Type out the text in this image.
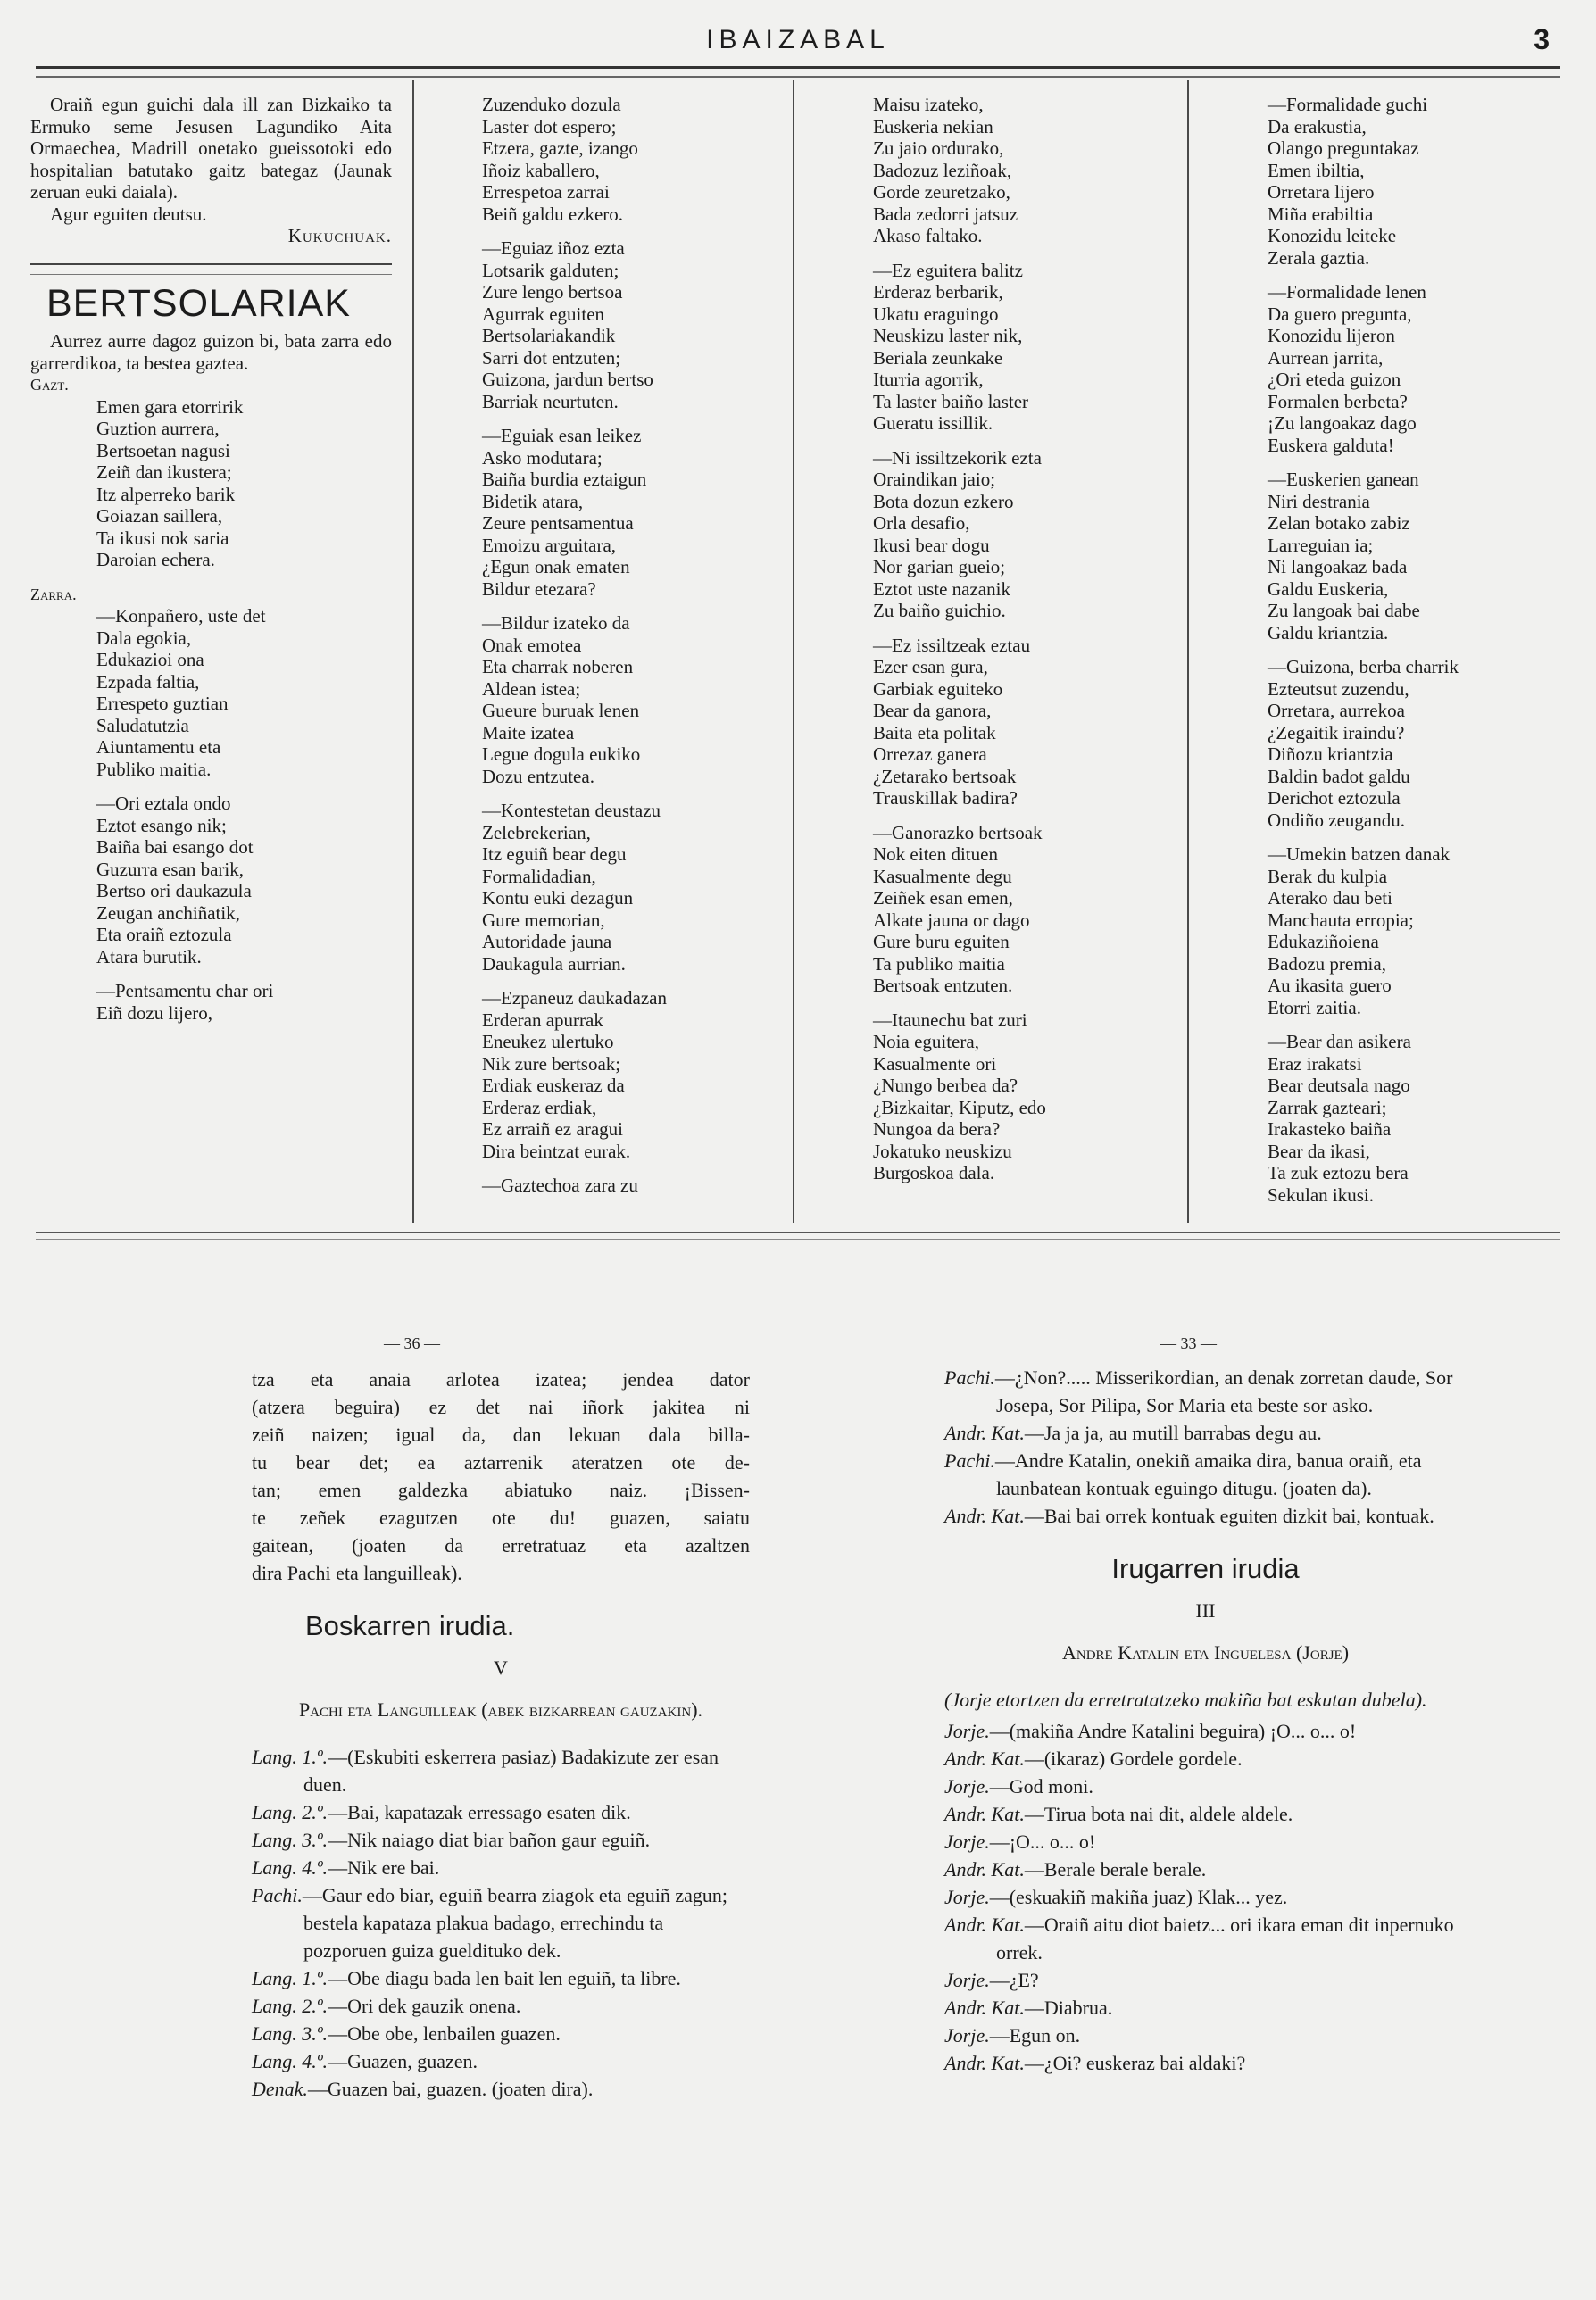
IBAIZABAL	3

Oraiñ egun guichi dala ill zan Bizkaiko ta Ermuko seme Jesusen Lagundiko Aita Ormaechea, Madrill onetako gueissotoki edo hospitalian batutako gaitz bategaz (Jaunak zeruan euki daiala).

Agur eguiten deutsu.

Kukuchuak.

BERTSOLARIAK

Aurrez aurre dagoz guizon bi, bata zarra edo garrerdikoa, ta bestea gaztea.

Gazt.

Emen gara etorririk
Guztion aurrera,
Bertsoetan nagusi
Zeiñ dan ikustera;
Itz alperreko barik
Goiazan saillera,
Ta ikusi nok saria
Daroian echera.

Zarra.

—Konpañero, uste det
Dala egokia,
Edukazioi ona
Ezpada faltia,
Errespeto guztian
Saludatutzia
Aiuntamentu eta
Publiko maitia.

—Ori eztala ondo
Eztot esango nik;
Baiña bai esango dot
Guzurra esan barik,
Bertso ori daukazula
Zeugan anchiñatik,
Eta oraiñ eztozula
Atara burutik.

—Pentsamentu char ori
Eiñ dozu lijero,

Zuzenduko dozula
Laster dot espero;
Etzera, gazte, izango
Iñoiz kaballero,
Errespetoa zarrai
Beiñ galdu ezkero.

—Eguiaz iñoz ezta
Lotsarik galduten;
Zure lengo bertsoa
Agurrak eguiten
Bertsolariakandik
Sarri dot entzuten;
Guizona, jardun bertso
Barriak neurtuten.

—Eguiak esan leikez
Asko modutara;
Baiña burdia eztaigun
Bidetik atara,
Zeure pentsamentua
Emoizu arguitara,
¿Egun onak ematen
Bildur etezara?

—Bildur izateko da
Onak emotea
Eta charrak noberen
Aldean istea;
Gueure buruak lenen
Maite izatea
Legue dogula eukiko
Dozu entzutea.

—Kontestetan deustazu
Zelebrekerian,
Itz eguiñ bear degu
Formalidadian,
Kontu euki dezagun
Gure memorian,
Autoridade jauna
Daukagula aurrian.

—Ezpaneuz daukadazan
Erderan apurrak
Eneukez ulertuko
Nik zure bertsoak;
Erdiak euskeraz da
Erderaz erdiak,
Ez arraiñ ez aragui
Dira beintzat eurak.

—Gaztechoa zara zu

Maisu izateko,
Euskeria nekian
Zu jaio ordurako,
Badozuz leziñoak,
Gorde zeuretzako,
Bada zedorri jatsuz
Akaso faltako.

—Ez eguitera balitz
Erderaz berbarik,
Ukatu eraguingo
Neuskizu laster nik,
Beriala zeunkake
Iturria agorrik,
Ta laster baiño laster
Gueratu issillik.

—Ni issiltzekorik ezta
Oraindikan jaio;
Bota dozun ezkero
Orla desafio,
Ikusi bear dogu
Nor garian gueio;
Eztot uste nazanik
Zu baiño guichio.

—Ez issiltzeak eztau
Ezer esan gura,
Garbiak eguiteko
Bear da ganora,
Baita eta politak
Orrezaz ganera
¿Zetarako bertsoak
Trauskillak badira?

—Ganorazko bertsoak
Nok eiten dituen
Kasualmente degu
Zeiñek esan emen,
Alkate jauna or dago
Gure buru eguiten
Ta publiko maitia
Bertsoak entzuten.

—Itaunechu bat zuri
Noia eguitera,
Kasualmente ori
¿Nungo berbea da?
¿Bizkaitar, Kiputz, edo
Nungoa da bera?
Jokatuko neuskizu
Burgoskoa dala.

—Formalidade guchi
Da erakustia,
Olango preguntakaz
Emen ibiltia,
Orretara lijero
Miña erabiltia
Konozidu leiteke
Zerala gaztia.

—Formalidade lenen
Da guero pregunta,
Konozidu lijeron
Aurrean jarrita,
¿Ori eteda guizon
Formalen berbeta?
¡Zu langoakaz dago
Euskera galduta!

—Euskerien ganean
Niri destrania
Zelan botako zabiz
Larreguian ia;
Ni langoakaz bada
Galdu Euskeria,
Zu langoak bai dabe
Galdu kriantzia.

—Guizona, berba charrik
Ezteutsut zuzendu,
Orretara, aurrekoa
¿Zegaitik iraindu?
Diñozu kriantzia
Baldin badot galdu
Derichot eztozula
Ondiño zeugandu.

—Umekin batzen danak
Berak du kulpia
Aterako dau beti
Manchauta erropia;
Edukaziñoiena
Badozu premia,
Au ikasita guero
Etorri zaitia.

—Bear dan asikera
Eraz irakatsi
Bear deutsala nago
Zarrak gazteari;
Irakasteko baiña
Bear da ikasi,
Ta zuk eztozu bera
Sekulan ikusi.

— 36 —

tza eta anaia arlotea izatea; jendea dator

(atzera beguira) ez det nai iñork jakitea ni

zeiñ naizen; igual da, dan lekuan dala billa-

tu bear det; ea aztarrenik ateratzen ote de-

tan; emen galdezka abiatuko naiz. ¡Bissen-

te zeñek ezagutzen ote du! guazen, saiatu

gaitean, (joaten da erretratuaz eta azaltzen

dira Pachi eta languilleak).

Boskarren irudia.
V
Pachi eta Languilleak (abek bizkarrean gauzakin).

Lang. 1.º.—(Eskubiti eskerrera pasiaz) Badakizute zer esan duen.

Lang. 2.º.—Bai, kapatazak erressago esaten dik.

Lang. 3.º.—Nik naiago diat biar bañon gaur eguiñ.

Lang. 4.º.—Nik ere bai.

Pachi.—Gaur edo biar, eguiñ bearra ziagok eta eguiñ zagun; bestela kapataza plakua badago, errechindu ta pozporuen guiza gueldituko dek.

Lang. 1.º.—Obe diagu bada len bait len eguiñ, ta libre.

Lang. 2.º.—Ori dek gauzik onena.

Lang. 3.º.—Obe obe, lenbailen guazen.

Lang. 4.º.—Guazen, guazen.

Denak.—Guazen bai, guazen. (joaten dira).

— 33 —

Pachi.—¿Non?..... Misserikordian, an denak zorretan daude, Sor Josepa, Sor Pilipa, Sor Maria eta beste sor asko.

Andr. Kat.—Ja ja ja, au mutill barrabas degu au.

Pachi.—Andre Katalin, onekiñ amaika dira, banua oraiñ, eta launbatean kontuak eguingo ditugu. (joaten da).

Andr. Kat.—Bai bai orrek kontuak eguiten dizkit bai, kontuak.

Irugarren irudia
III
Andre Katalin eta Inguelesa (Jorje)

(Jorje etortzen da erretratatzeko makiña bat eskutan dubela).

Jorje.—(makiña Andre Katalini beguira) ¡O... o... o!

Andr. Kat.—(ikaraz) Gordele gordele.

Jorje.—God moni.

Andr. Kat.—Tirua bota nai dit, aldele aldele.

Jorje.—¡O... o... o!

Andr. Kat.—Berale berale berale.

Jorje.—(eskuakiñ makiña juaz) Klak... yez.

Andr. Kat.—Oraiñ aitu diot baietz... ori ikara eman dit inpernuko orrek.

Jorje.—¿E?

Andr. Kat.—Diabrua.

Jorje.—Egun on.

Andr. Kat.—¿Oi? euskeraz bai aldaki?
